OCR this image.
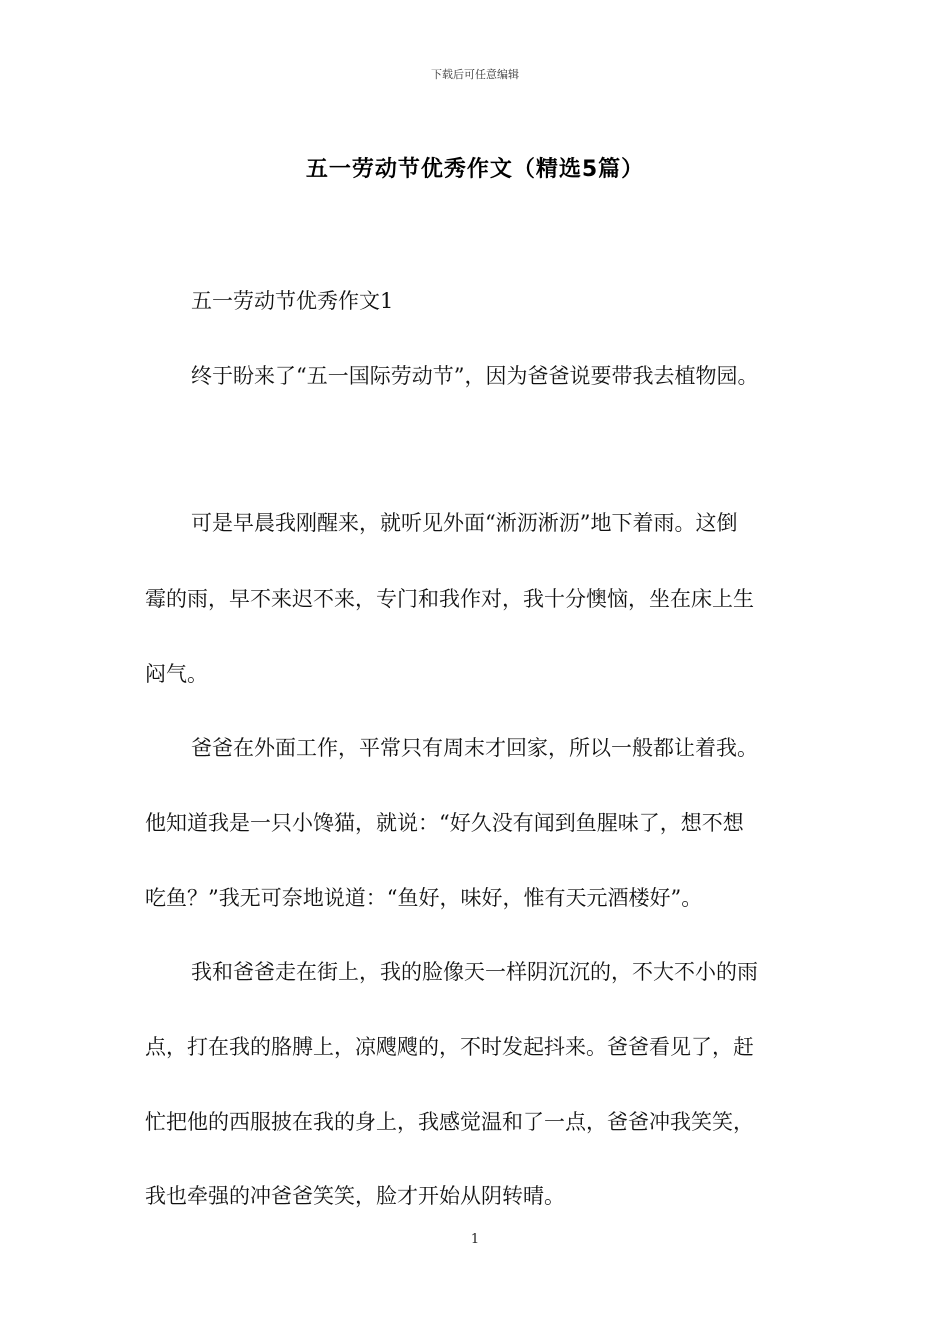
下载后可任意编辑
五一劳动节优秀作文（精选5篇）
五一劳动节优秀作文1
终于盼来了“五一国际劳动节”，因为爸爸说要带我去植物园。
可是早晨我刚醒来，就听见外面“淅沥淅沥”地下着雨。这倒
霉的雨，早不来迟不来，专门和我作对，我十分懊恼，坐在床上生
闷气。
爸爸在外面工作，平常只有周末才回家，所以一般都让着我。
他知道我是一只小馋猫，就说：“好久没有闻到鱼腥味了，想不想
吃鱼？”我无可奈地说道：“鱼好，味好，惟有天元酒楼好”。
我和爸爸走在街上，我的脸像天一样阴沉沉的，不大不小的雨
点，打在我的胳膊上，凉飕飕的，不时发起抖来。爸爸看见了，赶
忙把他的西服披在我的身上，我感觉温和了一点，爸爸冲我笑笑，
我也牵强的冲爸爸笑笑，脸才开始从阴转晴。
1
